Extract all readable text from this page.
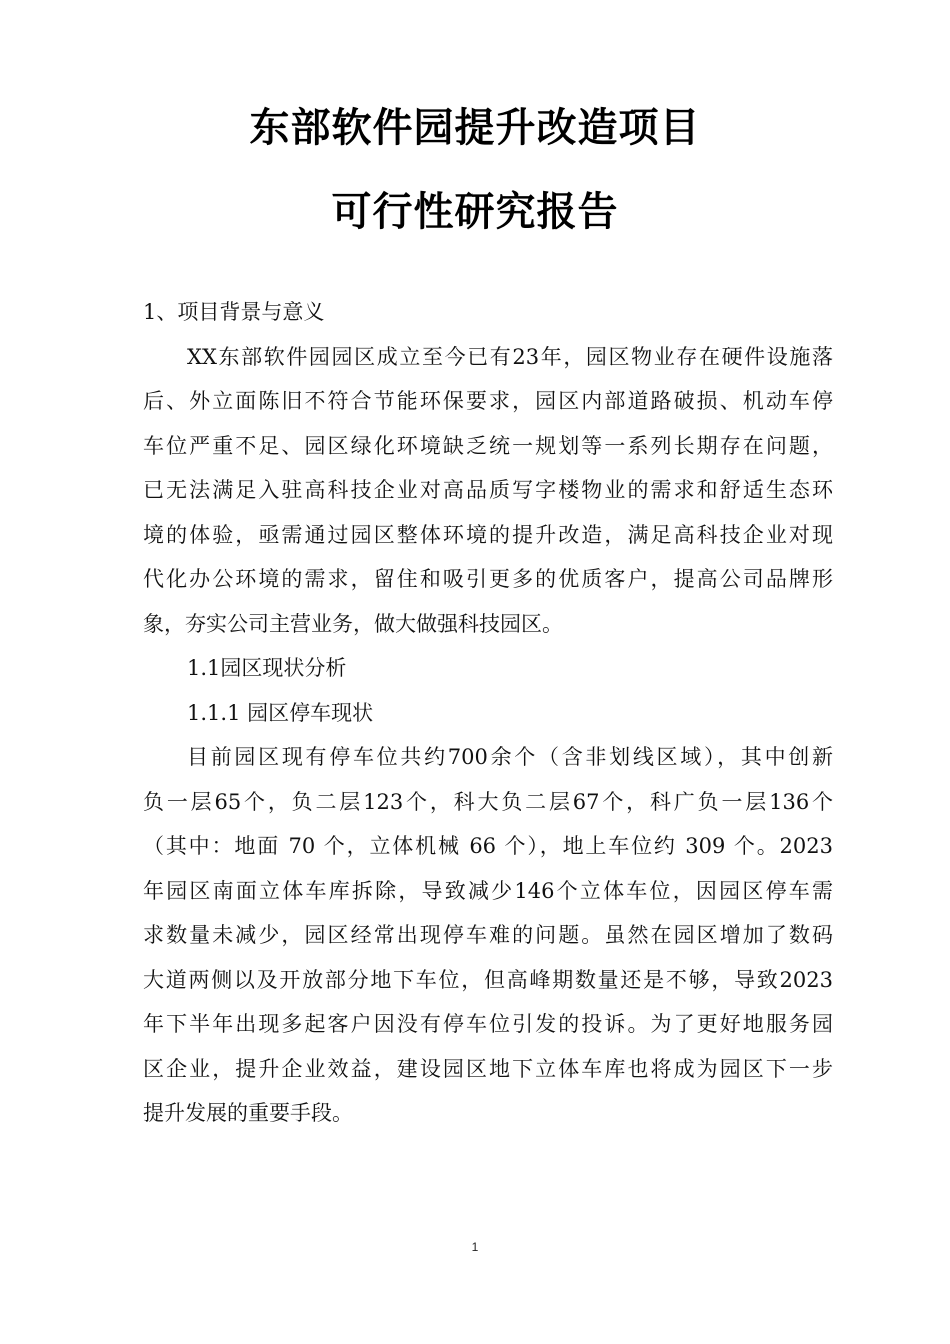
东部软件园提升改造项目
可行性研究报告
1、项目背景与意义
XX东部软件园园区成立至今已有23年，园区物业存在硬件设施落
后、外立面陈旧不符合节能环保要求，园区内部道路破损、机动车停
车位严重不足、园区绿化环境缺乏统一规划等一系列长期存在问题，
已无法满足入驻高科技企业对高品质写字楼物业的需求和舒适生态环
境的体验，亟需通过园区整体环境的提升改造，满足高科技企业对现
代化办公环境的需求，留住和吸引更多的优质客户，提高公司品牌形
象，夯实公司主营业务，做大做强科技园区。
1.1园区现状分析
1.1.1 园区停车现状
目前园区现有停车位共约700余个（含非划线区域），其中创新
负一层65个，负二层123个，科大负二层67个，科广负一层136个
（其中：地面 70 个，立体机械 66 个），地上车位约 309 个。2023
年园区南面立体车库拆除，导致减少146个立体车位，因园区停车需
求数量未减少，园区经常出现停车难的问题。虽然在园区增加了数码
大道两侧以及开放部分地下车位，但高峰期数量还是不够，导致2023
年下半年出现多起客户因没有停车位引发的投诉。为了更好地服务园
区企业，提升企业效益，建设园区地下立体车库也将成为园区下一步
提升发展的重要手段。
1
